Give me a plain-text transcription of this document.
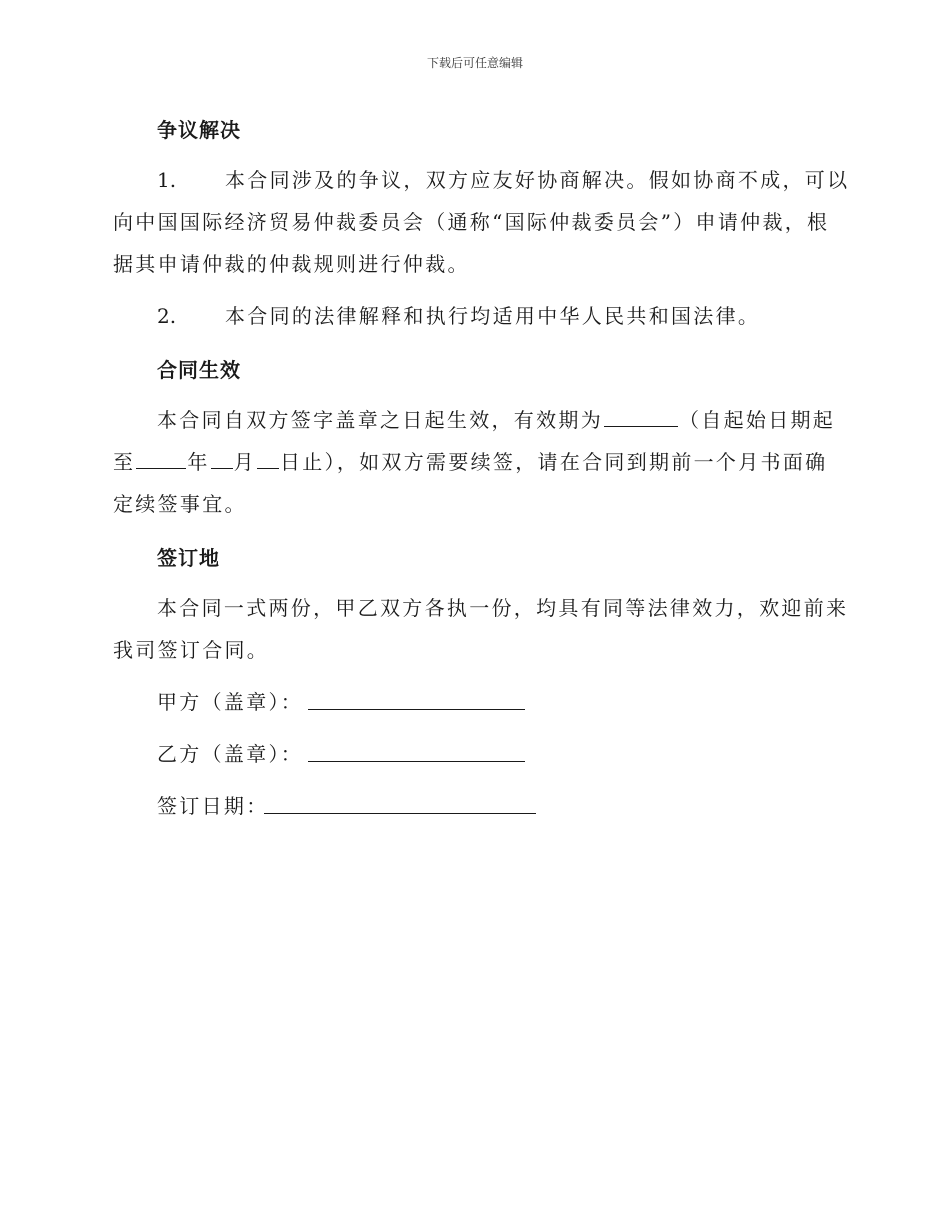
下载后可任意编辑
争议解决
1. 本合同涉及的争议，双方应友好协商解决。假如协商不成，可以
向中国国际经济贸易仲裁委员会（通称“国际仲裁委员会”）申请仲裁，根
据其申请仲裁的仲裁规则进行仲裁。
2. 本合同的法律解释和执行均适用中华人民共和国法律。
合同生效
本合同自双方签字盖章之日起生效，有效期为	（自起始日期起
至	年 月 日止），如双方需要续签，请在合同到期前一个月书面确
定续签事宜。
签订地
本合同一式两份，甲乙双方各执一份，均具有同等法律效力，欢迎前来
我司签订合同。
甲方（盖章）：
乙方（盖章）：
签订日期：
